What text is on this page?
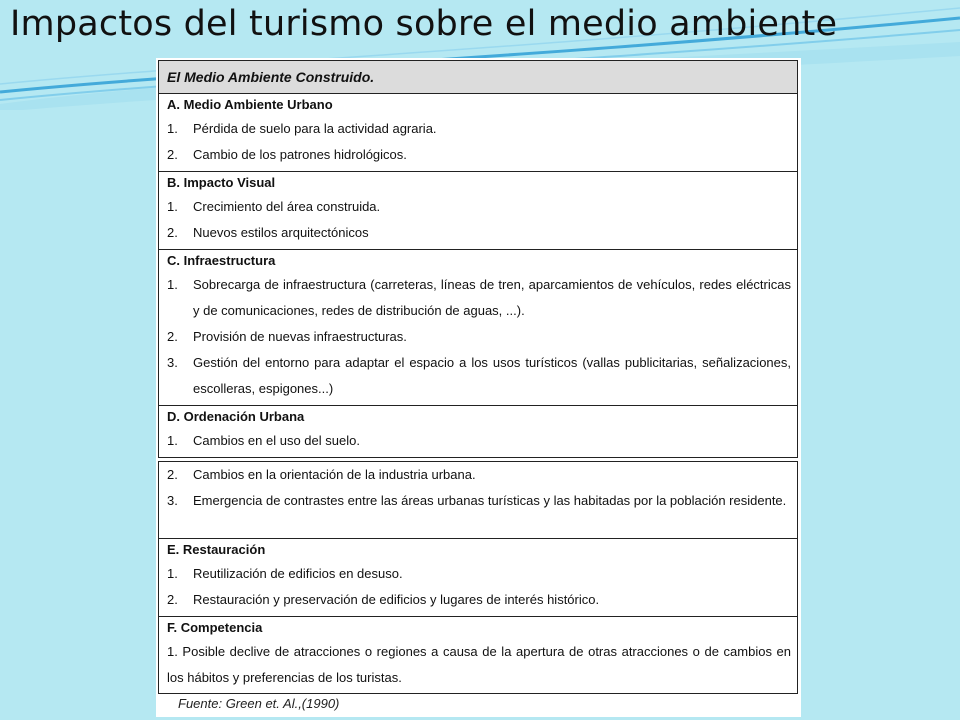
Impactos del turismo sobre el medio ambiente
El Medio Ambiente Construido.
A. Medio Ambiente Urbano
1.	Pérdida de suelo para la actividad agraria.
2.	Cambio de los patrones hidrológicos.
B. Impacto Visual
1.	Crecimiento del área construida.
2.	Nuevos estilos arquitectónicos
C. Infraestructura
1.	Sobrecarga de infraestructura (carreteras, líneas de tren, aparcamientos de vehículos, redes eléctricas y de comunicaciones, redes de distribución de aguas, ...).
2.	Provisión de nuevas infraestructuras.
3.	Gestión del entorno para adaptar el espacio a los usos turísticos (vallas publicitarias, señalizaciones, escolleras, espigones...)
D. Ordenación Urbana
1.	Cambios en el uso del suelo.
2.	Cambios en la orientación de la industria urbana.
3.	Emergencia de contrastes entre las áreas urbanas turísticas y las habitadas por la población residente.
E. Restauración
1.	Reutilización de edificios en desuso.
2.	Restauración y preservación de edificios y lugares de interés histórico.
F. Competencia
1. Posible declive de atracciones o regiones a causa de la apertura de otras atracciones o de cambios en los hábitos y preferencias de los turistas.
Fuente: Green et. Al.,(1990)
